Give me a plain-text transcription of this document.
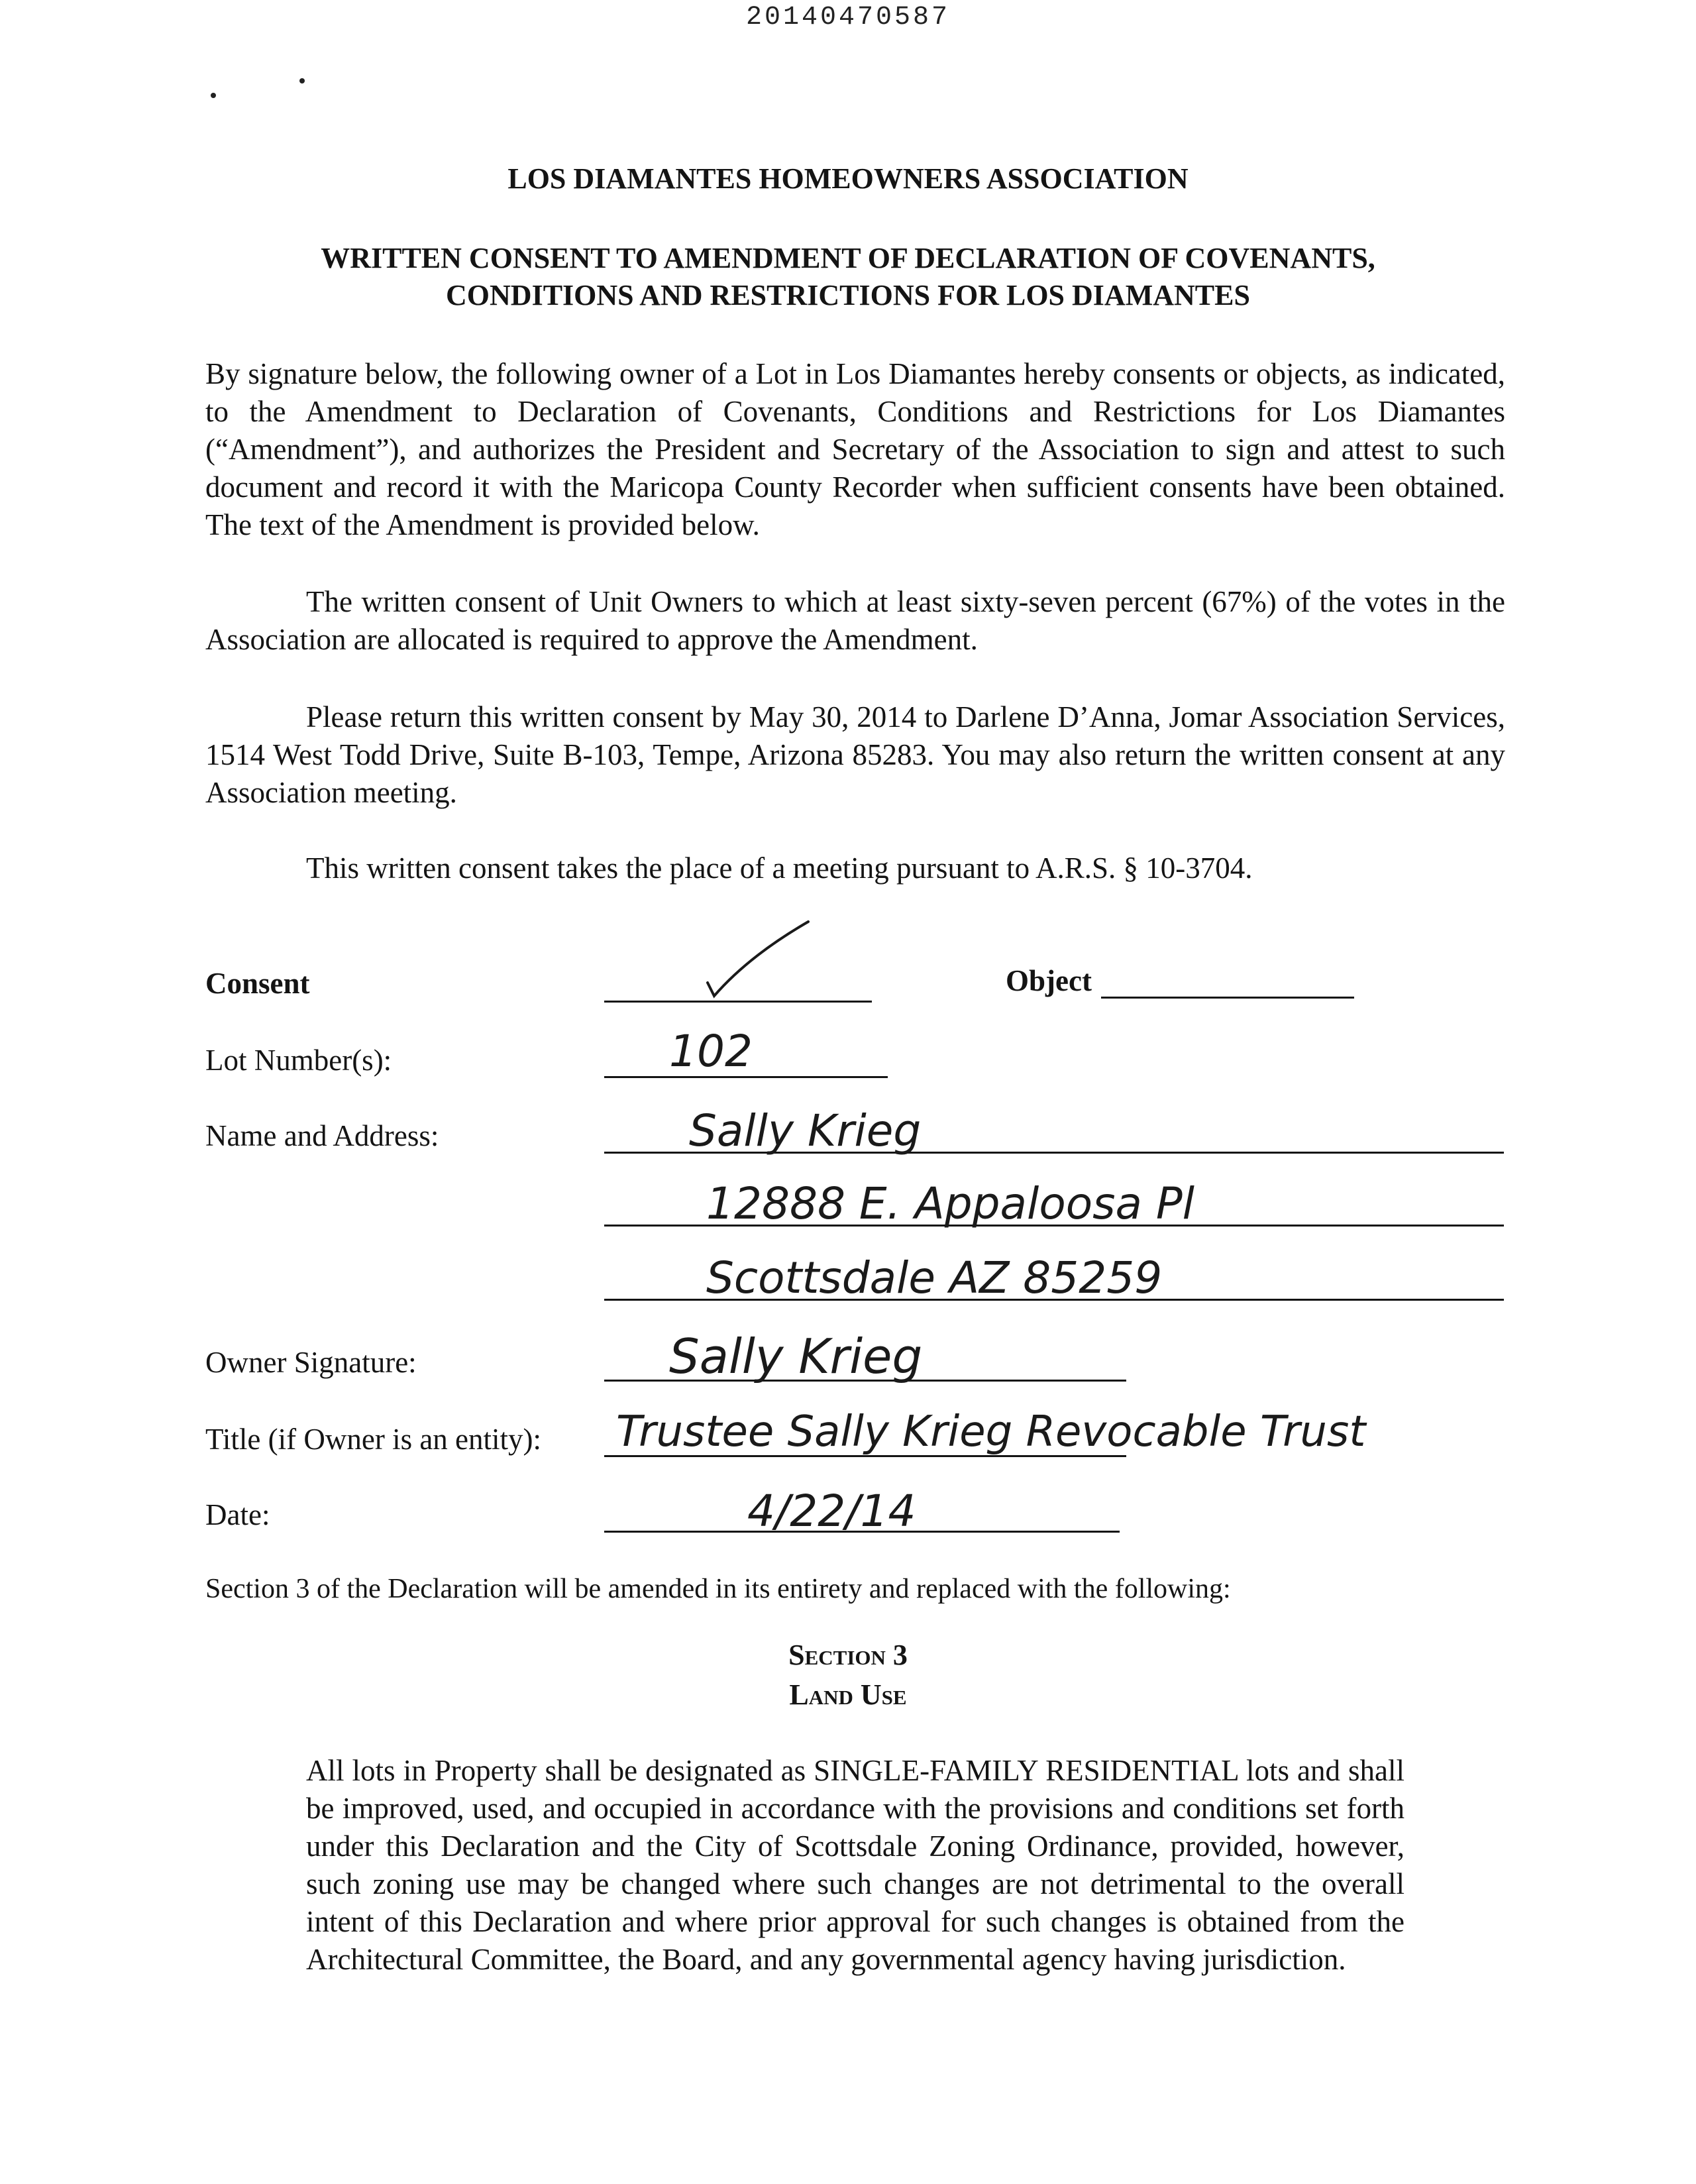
20140470587
LOS DIAMANTES HOMEOWNERS ASSOCIATION
WRITTEN CONSENT TO AMENDMENT OF DECLARATION OF COVENANTS,
CONDITIONS AND RESTRICTIONS FOR LOS DIAMANTES
By signature below, the following owner of a Lot in Los Diamantes hereby consents or objects, as indicated, to the Amendment to Declaration of Covenants, Conditions and Restrictions for Los Diamantes (“Amendment”), and authorizes the President and Secretary of the Association to sign and attest to such document and record it with the Maricopa County Recorder when sufficient consents have been obtained. The text of the Amendment is provided below.
The written consent of Unit Owners to which at least sixty-seven percent (67%) of the votes in the Association are allocated is required to approve the Amendment.
Please return this written consent by May 30, 2014 to Darlene D’Anna, Jomar Association Services, 1514 West Todd Drive, Suite B-103, Tempe, Arizona 85283. You may also return the written consent at any Association meeting.
This written consent takes the place of a meeting pursuant to A.R.S. § 10-3704.
Consent	Object
Lot Number(s):	102
Name and Address:	Sally Krieg
12888 E. Appaloosa Pl
Scottsdale AZ 85259
Owner Signature:	Sally Krieg
Title (if Owner is an entity): Trustee Sally Krieg Revocable Trust
Date:	4/22/14
Section 3 of the Declaration will be amended in its entirety and replaced with the following:
Section 3
Land Use
All lots in Property shall be designated as SINGLE-FAMILY RESIDENTIAL lots and shall be improved, used, and occupied in accordance with the provisions and conditions set forth under this Declaration and the City of Scottsdale Zoning Ordinance, provided, however, such zoning use may be changed where such changes are not detrimental to the overall intent of this Declaration and where prior approval for such changes is obtained from the Architectural Committee, the Board, and any governmental agency having jurisdiction.
